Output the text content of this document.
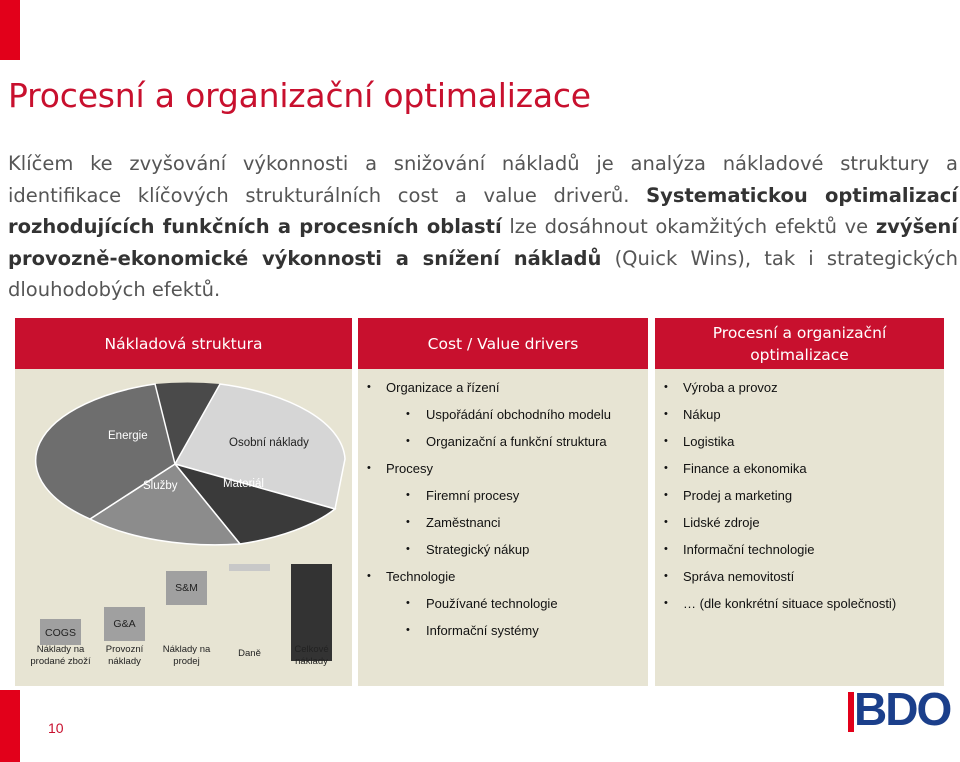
Procesní a organizační optimalizace
Klíčem ke zvyšování výkonnosti a snižování nákladů je analýza nákladové struktury a identifikace klíčových strukturálních cost a value driverů. Systematickou optimalizací rozhodujících funkčních a procesních oblastí lze dosáhnout okamžitých efektů ve zvýšení provozně-ekonomické výkonnosti a snížení nákladů (Quick Wins), tak i strategických dlouhodobých efektů.
Nákladová struktura
Energie
Osobní náklady
Služby	Materiál
COGS
G&A
S&M
Náklady na prodané zboží
Provozní náklady
Náklady na prodej
Daně	Celkové náklady
Cost / Value drivers
• Organizace a řízení
• Uspořádání obchodního modelu
• Organizační a funkční struktura
• Procesy
• Firemní procesy
• Zaměstnanci
• Strategický nákup
• Technologie
• Používané technologie
• Informační systémy
Procesní a organizační optimalizace
• Výroba a provoz
• Nákup
• Logistika
• Finance a ekonomika
• Prodej a marketing
• Lidské zdroje
• Informační technologie
• Správa nemovitostí
• … (dle konkrétní situace společnosti)
10	BDO
